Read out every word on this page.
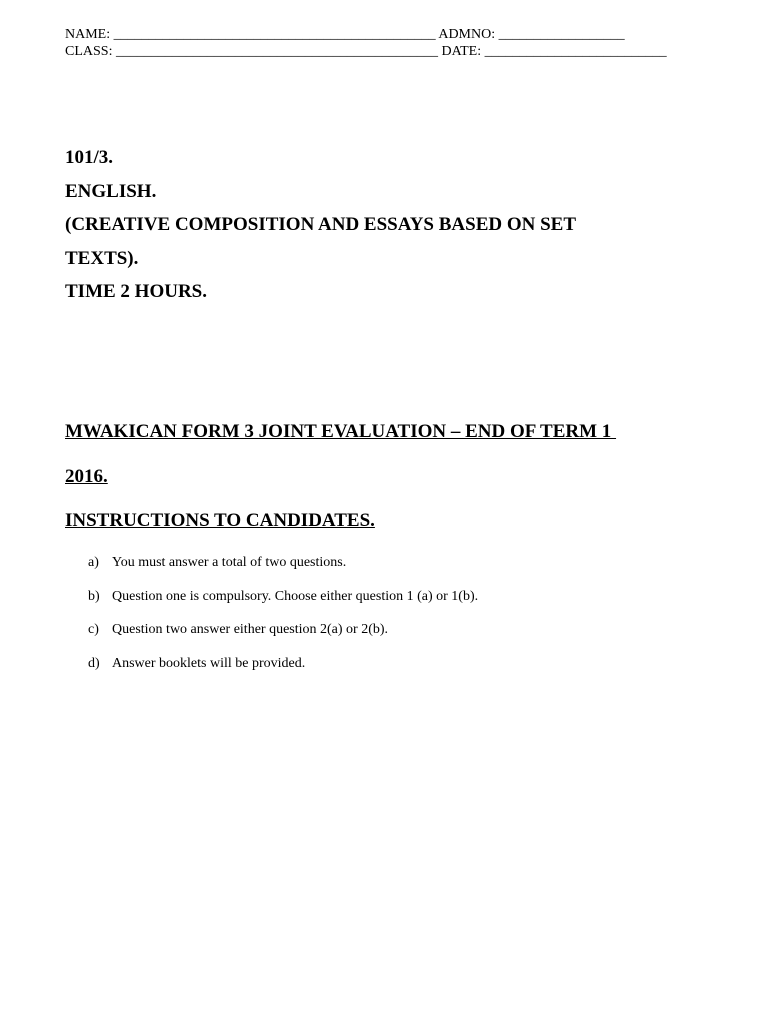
NAME: ______________________________________________ ADMNO: __________________
CLASS: ______________________________________________ DATE: __________________________
101/3.
ENGLISH.
(CREATIVE COMPOSITION AND ESSAYS BASED ON SET
TEXTS).
TIME 2 HOURS.
MWAKICAN FORM 3 JOINT EVALUATION – END OF TERM 1
2016.
INSTRUCTIONS TO CANDIDATES.
a) You must answer a total of two questions.
b) Question one is compulsory. Choose either question 1 (a) or 1(b).
c) Question two answer either question 2(a) or 2(b).
d) Answer booklets will be provided.
